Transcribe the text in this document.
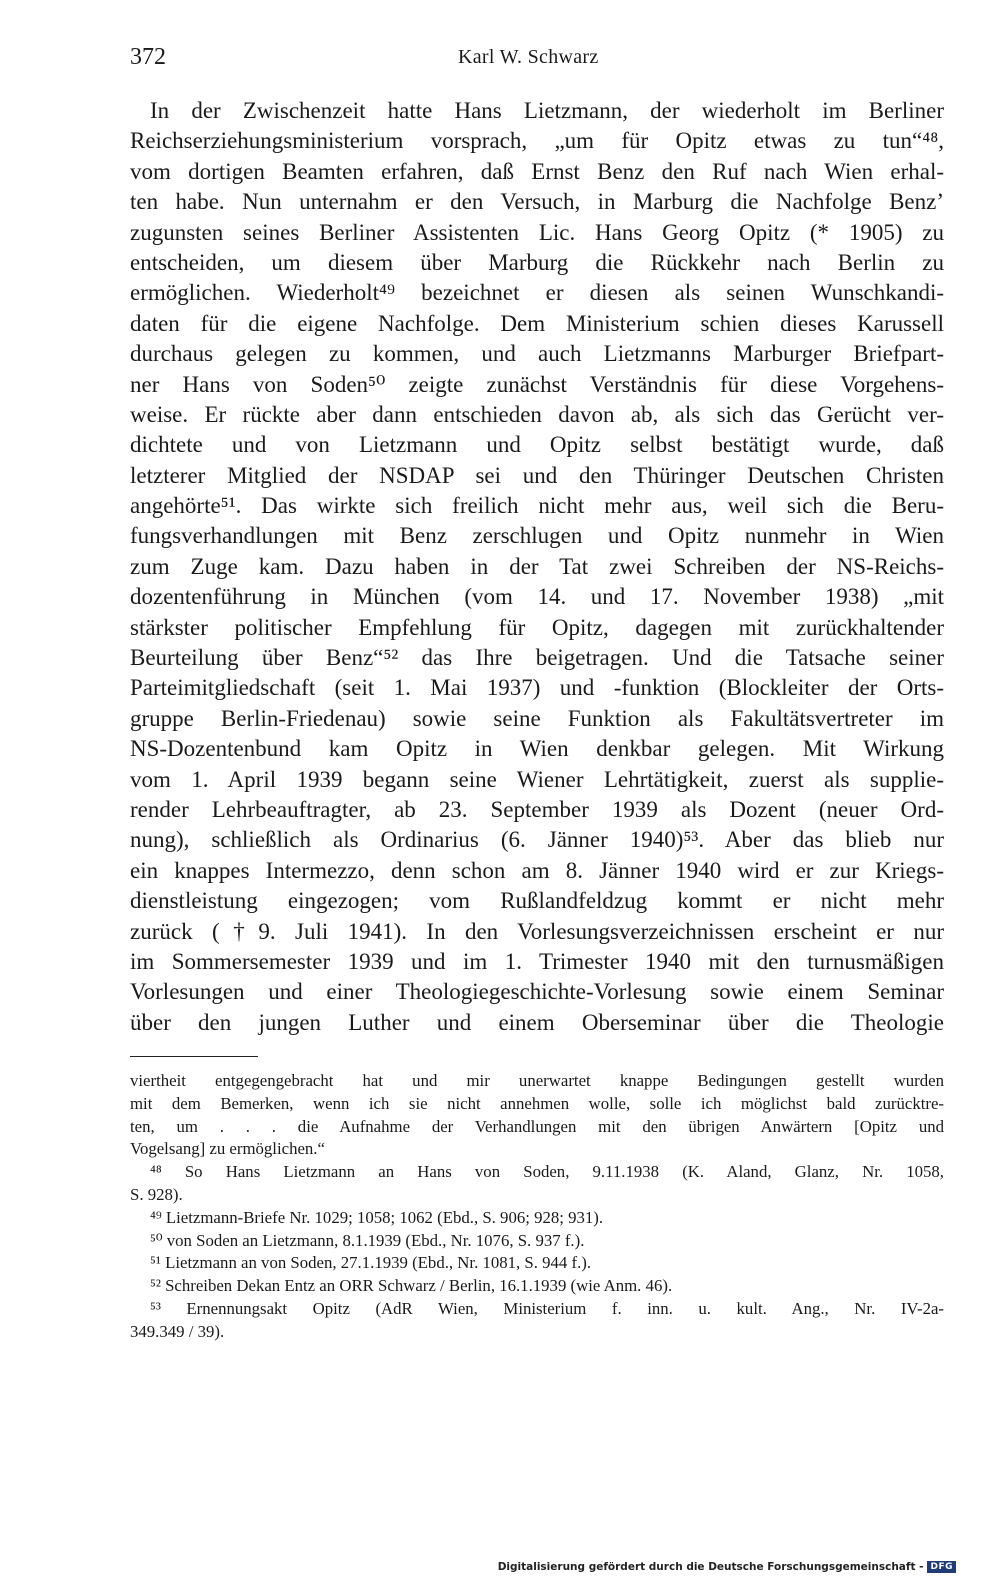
372	Karl W. Schwarz
In der Zwischenzeit hatte Hans Lietzmann, der wiederholt im Berliner
Reichserziehungsministerium vorsprach, „um für Opitz etwas zu tun“⁴⁸,
vom dortigen Beamten erfahren, daß Ernst Benz den Ruf nach Wien erhal-
ten habe. Nun unternahm er den Versuch, in Marburg die Nachfolge Benz’
zugunsten seines Berliner Assistenten Lic. Hans Georg Opitz (* 1905) zu
entscheiden, um diesem über Marburg die Rückkehr nach Berlin zu
ermöglichen. Wiederholt⁴⁹ bezeichnet er diesen als seinen Wunschkandi-
daten für die eigene Nachfolge. Dem Ministerium schien dieses Karussell
durchaus gelegen zu kommen, und auch Lietzmanns Marburger Briefpart-
ner Hans von Soden⁵⁰ zeigte zunächst Verständnis für diese Vorgehens-
weise. Er rückte aber dann entschieden davon ab, als sich das Gerücht ver-
dichtete und von Lietzmann und Opitz selbst bestätigt wurde, daß
letzterer Mitglied der NSDAP sei und den Thüringer Deutschen Christen
angehörte⁵¹. Das wirkte sich freilich nicht mehr aus, weil sich die Beru-
fungsverhandlungen mit Benz zerschlugen und Opitz nunmehr in Wien
zum Zuge kam. Dazu haben in der Tat zwei Schreiben der NS-Reichs-
dozentenführung in München (vom 14. und 17. November 1938) „mit
stärkster politischer Empfehlung für Opitz, dagegen mit zurückhaltender
Beurteilung über Benz“⁵² das Ihre beigetragen. Und die Tatsache seiner
Parteimitgliedschaft (seit 1. Mai 1937) und -funktion (Blockleiter der Orts-
gruppe Berlin-Friedenau) sowie seine Funktion als Fakultätsvertreter im
NS-Dozentenbund kam Opitz in Wien denkbar gelegen. Mit Wirkung
vom 1. April 1939 begann seine Wiener Lehrtätigkeit, zuerst als supplie-
render Lehrbeauftragter, ab 23. September 1939 als Dozent (neuer Ord-
nung), schließlich als Ordinarius (6. Jänner 1940)⁵³. Aber das blieb nur
ein knappes Intermezzo, denn schon am 8. Jänner 1940 wird er zur Kriegs-
dienstleistung eingezogen; vom Rußlandfeldzug kommt er nicht mehr
zurück (†9. Juli 1941). In den Vorlesungsverzeichnissen erscheint er nur
im Sommersemester 1939 und im 1. Trimester 1940 mit den turnusmäßigen
Vorlesungen und einer Theologiegeschichte-Vorlesung sowie einem Seminar
über den jungen Luther und einem Oberseminar über die Theologie
viertheit entgegengebracht hat und mir unerwartet knappe Bedingungen gestellt wurden
mit dem Bemerken, wenn ich sie nicht annehmen wolle, solle ich möglichst bald zurücktre-
ten, um . . . die Aufnahme der Verhandlungen mit den übrigen Anwärtern [Opitz und
Vogelsang] zu ermöglichen.“
⁴⁸ So Hans Lietzmann an Hans von Soden, 9.11.1938 (K. Aland, Glanz, Nr. 1058,
S. 928).
⁴⁹ Lietzmann-Briefe Nr. 1029; 1058; 1062 (Ebd., S. 906; 928; 931).
⁵⁰ von Soden an Lietzmann, 8.1.1939 (Ebd., Nr. 1076, S. 937 f.).
⁵¹ Lietzmann an von Soden, 27.1.1939 (Ebd., Nr. 1081, S. 944 f.).
⁵² Schreiben Dekan Entz an ORR Schwarz / Berlin, 16.1.1939 (wie Anm. 46).
⁵³ Ernennungsakt Opitz (AdR Wien, Ministerium f. inn. u. kult. Ang., Nr. IV-2a-
349.349 / 39).
Digitalisierung gefördert durch die Deutsche Forschungsgemeinschaft - DFG
